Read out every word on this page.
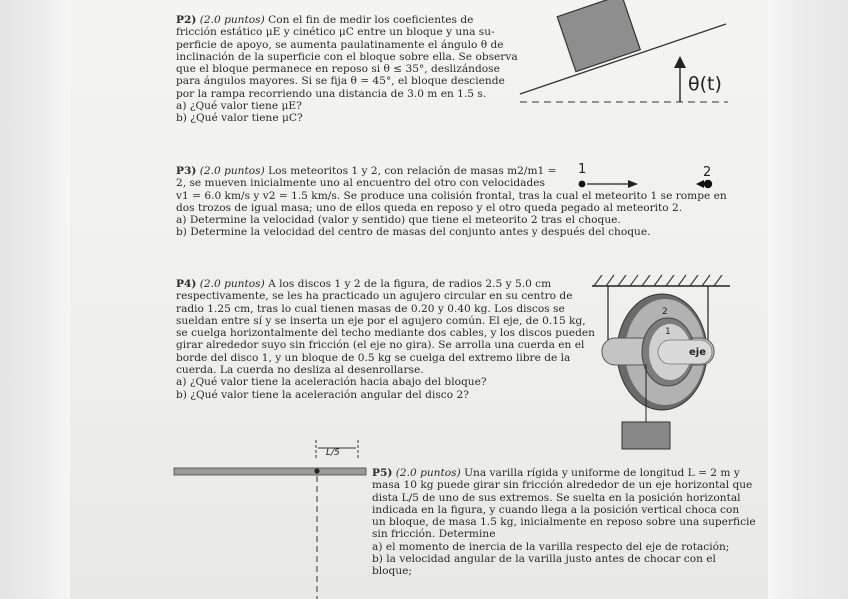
P2) (2.0 puntos) Con el fin de medir los coeficientes de
fricción estático μE y cinético μC entre un bloque y una su-
perficie de apoyo, se aumenta paulatinamente el ángulo θ de
inclinación de la superficie con el bloque sobre ella. Se observa
que el bloque permanece en reposo si θ ≤ 35°, deslizándose
para ángulos mayores. Si se fija θ = 45°, el bloque desciende
por la rampa recorriendo una distancia de 3.0 m en 1.5 s.
a) ¿Qué valor tiene μE?
b) ¿Qué valor tiene μC?
θ(t)
P3) (2.0 puntos) Los meteoritos 1 y 2, con relación de masas m2/m1 =
2, se mueven inicialmente uno al encuentro del otro con velocidades
v1 = 6.0 km/s y v2 = 1.5 km/s. Se produce una colisión frontal, tras la cual el meteorito 1 se rompe en
dos trozos de igual masa; uno de ellos queda en reposo y el otro queda pegado al meteorito 2.
a) Determine la velocidad (valor y sentido) que tiene el meteorito 2 tras el choque.
b) Determine la velocidad del centro de masas del conjunto antes y después del choque.
1	2
P4) (2.0 puntos) A los discos 1 y 2 de la figura, de radios 2.5 y 5.0 cm
respectivamente, se les ha practicado un agujero circular en su centro de
radio 1.25 cm, tras lo cual tienen masas de 0.20 y 0.40 kg. Los discos se
sueldan entre sí y se inserta un eje por el agujero común. El eje, de 0.15 kg,
se cuelga horizontalmente del techo mediante dos cables, y los discos pueden
girar alrededor suyo sin fricción (el eje no gira). Se arrolla una cuerda en el
borde del disco 1, y un bloque de 0.5 kg se cuelga del extremo libre de la
cuerda. La cuerda no desliza al desenrollarse.
a) ¿Qué valor tiene la aceleración hacia abajo del bloque?
b) ¿Qué valor tiene la aceleración angular del disco 2?
2
1
eje
L/5
P5) (2.0 puntos) Una varilla rígida y uniforme de longitud L = 2 m y
masa 10 kg puede girar sin fricción alrededor de un eje horizontal que
dista L/5 de uno de sus extremos. Se suelta en la posición horizontal
indicada en la figura, y cuando llega a la posición vertical choca con
un bloque, de masa 1.5 kg, inicialmente en reposo sobre una superficie
sin fricción. Determine
a) el momento de inercia de la varilla respecto del eje de rotación;
b) la velocidad angular de la varilla justo antes de chocar con el
bloque;
